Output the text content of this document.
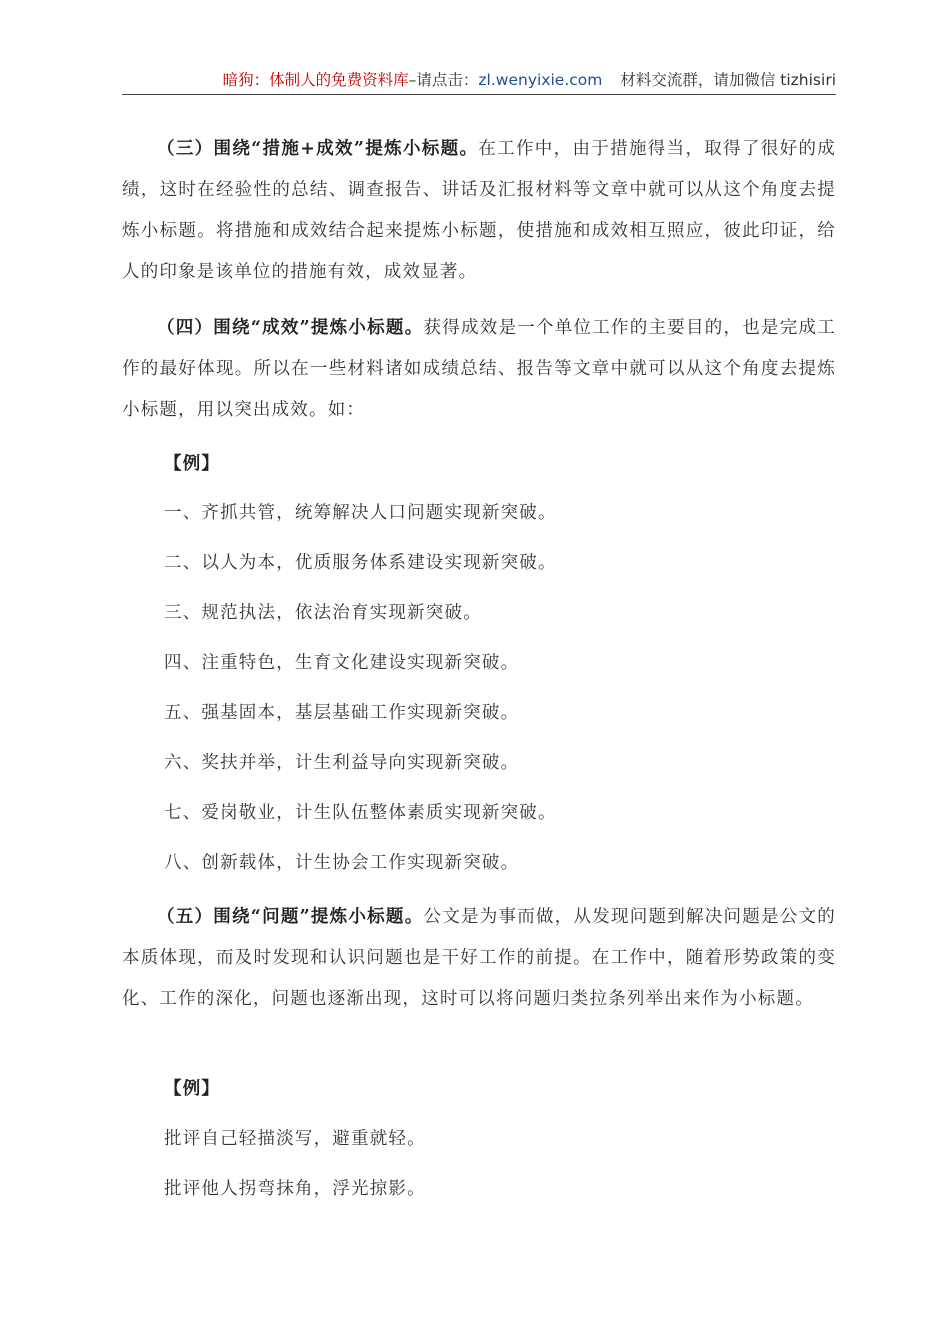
暗狗：体制人的免费资料库–请点击：zl.wenyixie.com 材料交流群，请加微信 tizhisiri

（三）围绕“措施+成效”提炼小标题。在工作中，由于措施得当，取得了很好的成绩，这时在经验性的总结、调查报告、讲话及汇报材料等文章中就可以从这个角度去提炼小标题。将措施和成效结合起来提炼小标题，使措施和成效相互照应，彼此印证，给人的印象是该单位的措施有效，成效显著。

（四）围绕“成效”提炼小标题。获得成效是一个单位工作的主要目的，也是完成工作的最好体现。所以在一些材料诸如成绩总结、报告等文章中就可以从这个角度去提炼小标题，用以突出成效。如：

【例】

一、齐抓共管，统筹解决人口问题实现新突破。

二、以人为本，优质服务体系建设实现新突破。

三、规范执法，依法治育实现新突破。

四、注重特色，生育文化建设实现新突破。

五、强基固本，基层基础工作实现新突破。

六、奖扶并举，计生利益导向实现新突破。

七、爱岗敬业，计生队伍整体素质实现新突破。

八、创新载体，计生协会工作实现新突破。

（五）围绕“问题”提炼小标题。公文是为事而做，从发现问题到解决问题是公文的本质体现，而及时发现和认识问题也是干好工作的前提。在工作中，随着形势政策的变化、工作的深化，问题也逐渐出现，这时可以将问题归类拉条列举出来作为小标题。

【例】

批评自己轻描淡写，避重就轻。

批评他人拐弯抹角，浮光掠影。
